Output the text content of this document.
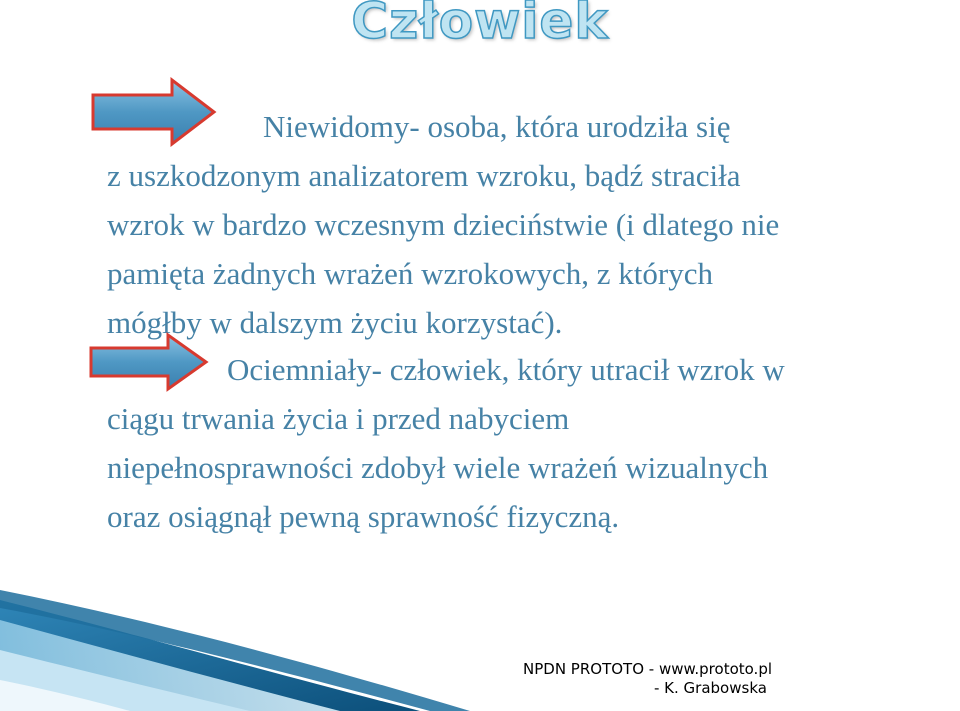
Człowiek
Niewidomy- osoba, która urodziła się
z uszkodzonym analizatorem wzroku, bądź straciła
wzrok w bardzo wczesnym dzieciństwie (i dlatego nie
pamięta żadnych wrażeń wzrokowych, z których
mógłby w dalszym życiu korzystać).
Ociemniały- człowiek, który utracił wzrok w
ciągu trwania życia i przed nabyciem
niepełnosprawności zdobył wiele wrażeń wizualnych
oraz osiągnął pewną sprawność fizyczną.
NPDN PROTOTO - www.prototo.pl
- K. Grabowska
